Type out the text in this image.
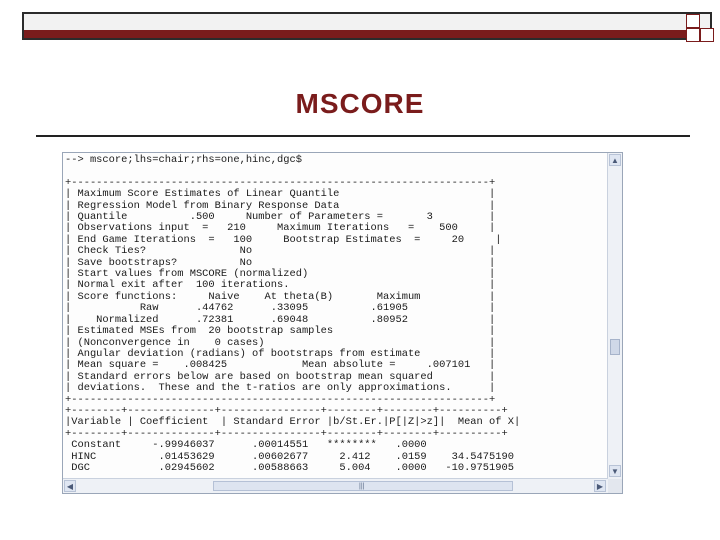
MSCORE
--> mscore;lhs=chair;rhs=one,hinc,dgc$

+-------------------------------------------------------------------+
| Maximum Score Estimates of Linear Quantile                        |
| Regression Model from Binary Response Data                        |
| Quantile          .500     Number of Parameters =       3         |
| Observations input  =   210     Maximum Iterations   =    500     |
| End Game Iterations  =   100     Bootstrap Estimates  =     20     |
| Check Ties?               No                                      |
| Save bootstraps?          No                                      |
| Start values from MSCORE (normalized)                             |
| Normal exit after  100 iterations.                                |
| Score functions:     Naive    At theta(B)       Maximum           |
|           Raw      .44762      .33095          .61905             |
|    Normalized      .72381      .69048          .80952             |
| Estimated MSEs from  20 bootstrap samples                         |
| (Nonconvergence in    0 cases)                                    |
| Angular deviation (radians) of bootstraps from estimate           |
| Mean square =    .008425            Mean absolute =     .007101   |
| Standard errors below are based on bootstrap mean squared         |
| deviations.  These and the t-ratios are only approximations.      |
+-------------------------------------------------------------------+
+--------+--------------+----------------+--------+--------+----------+
|Variable | Coefficient  | Standard Error |b/St.Er.|P[|Z|>z]|  Mean of X|
+--------+--------------+----------------+--------+--------+----------+
Constant     -.99946037      .00014551   ********   .0000
HINC          .01453629      .00602677     2.412    .0159    34.5475190
DGC           .02945602      .00588663     5.004    .0000   -10.9751905
|||
▲
▼
◀	▶
